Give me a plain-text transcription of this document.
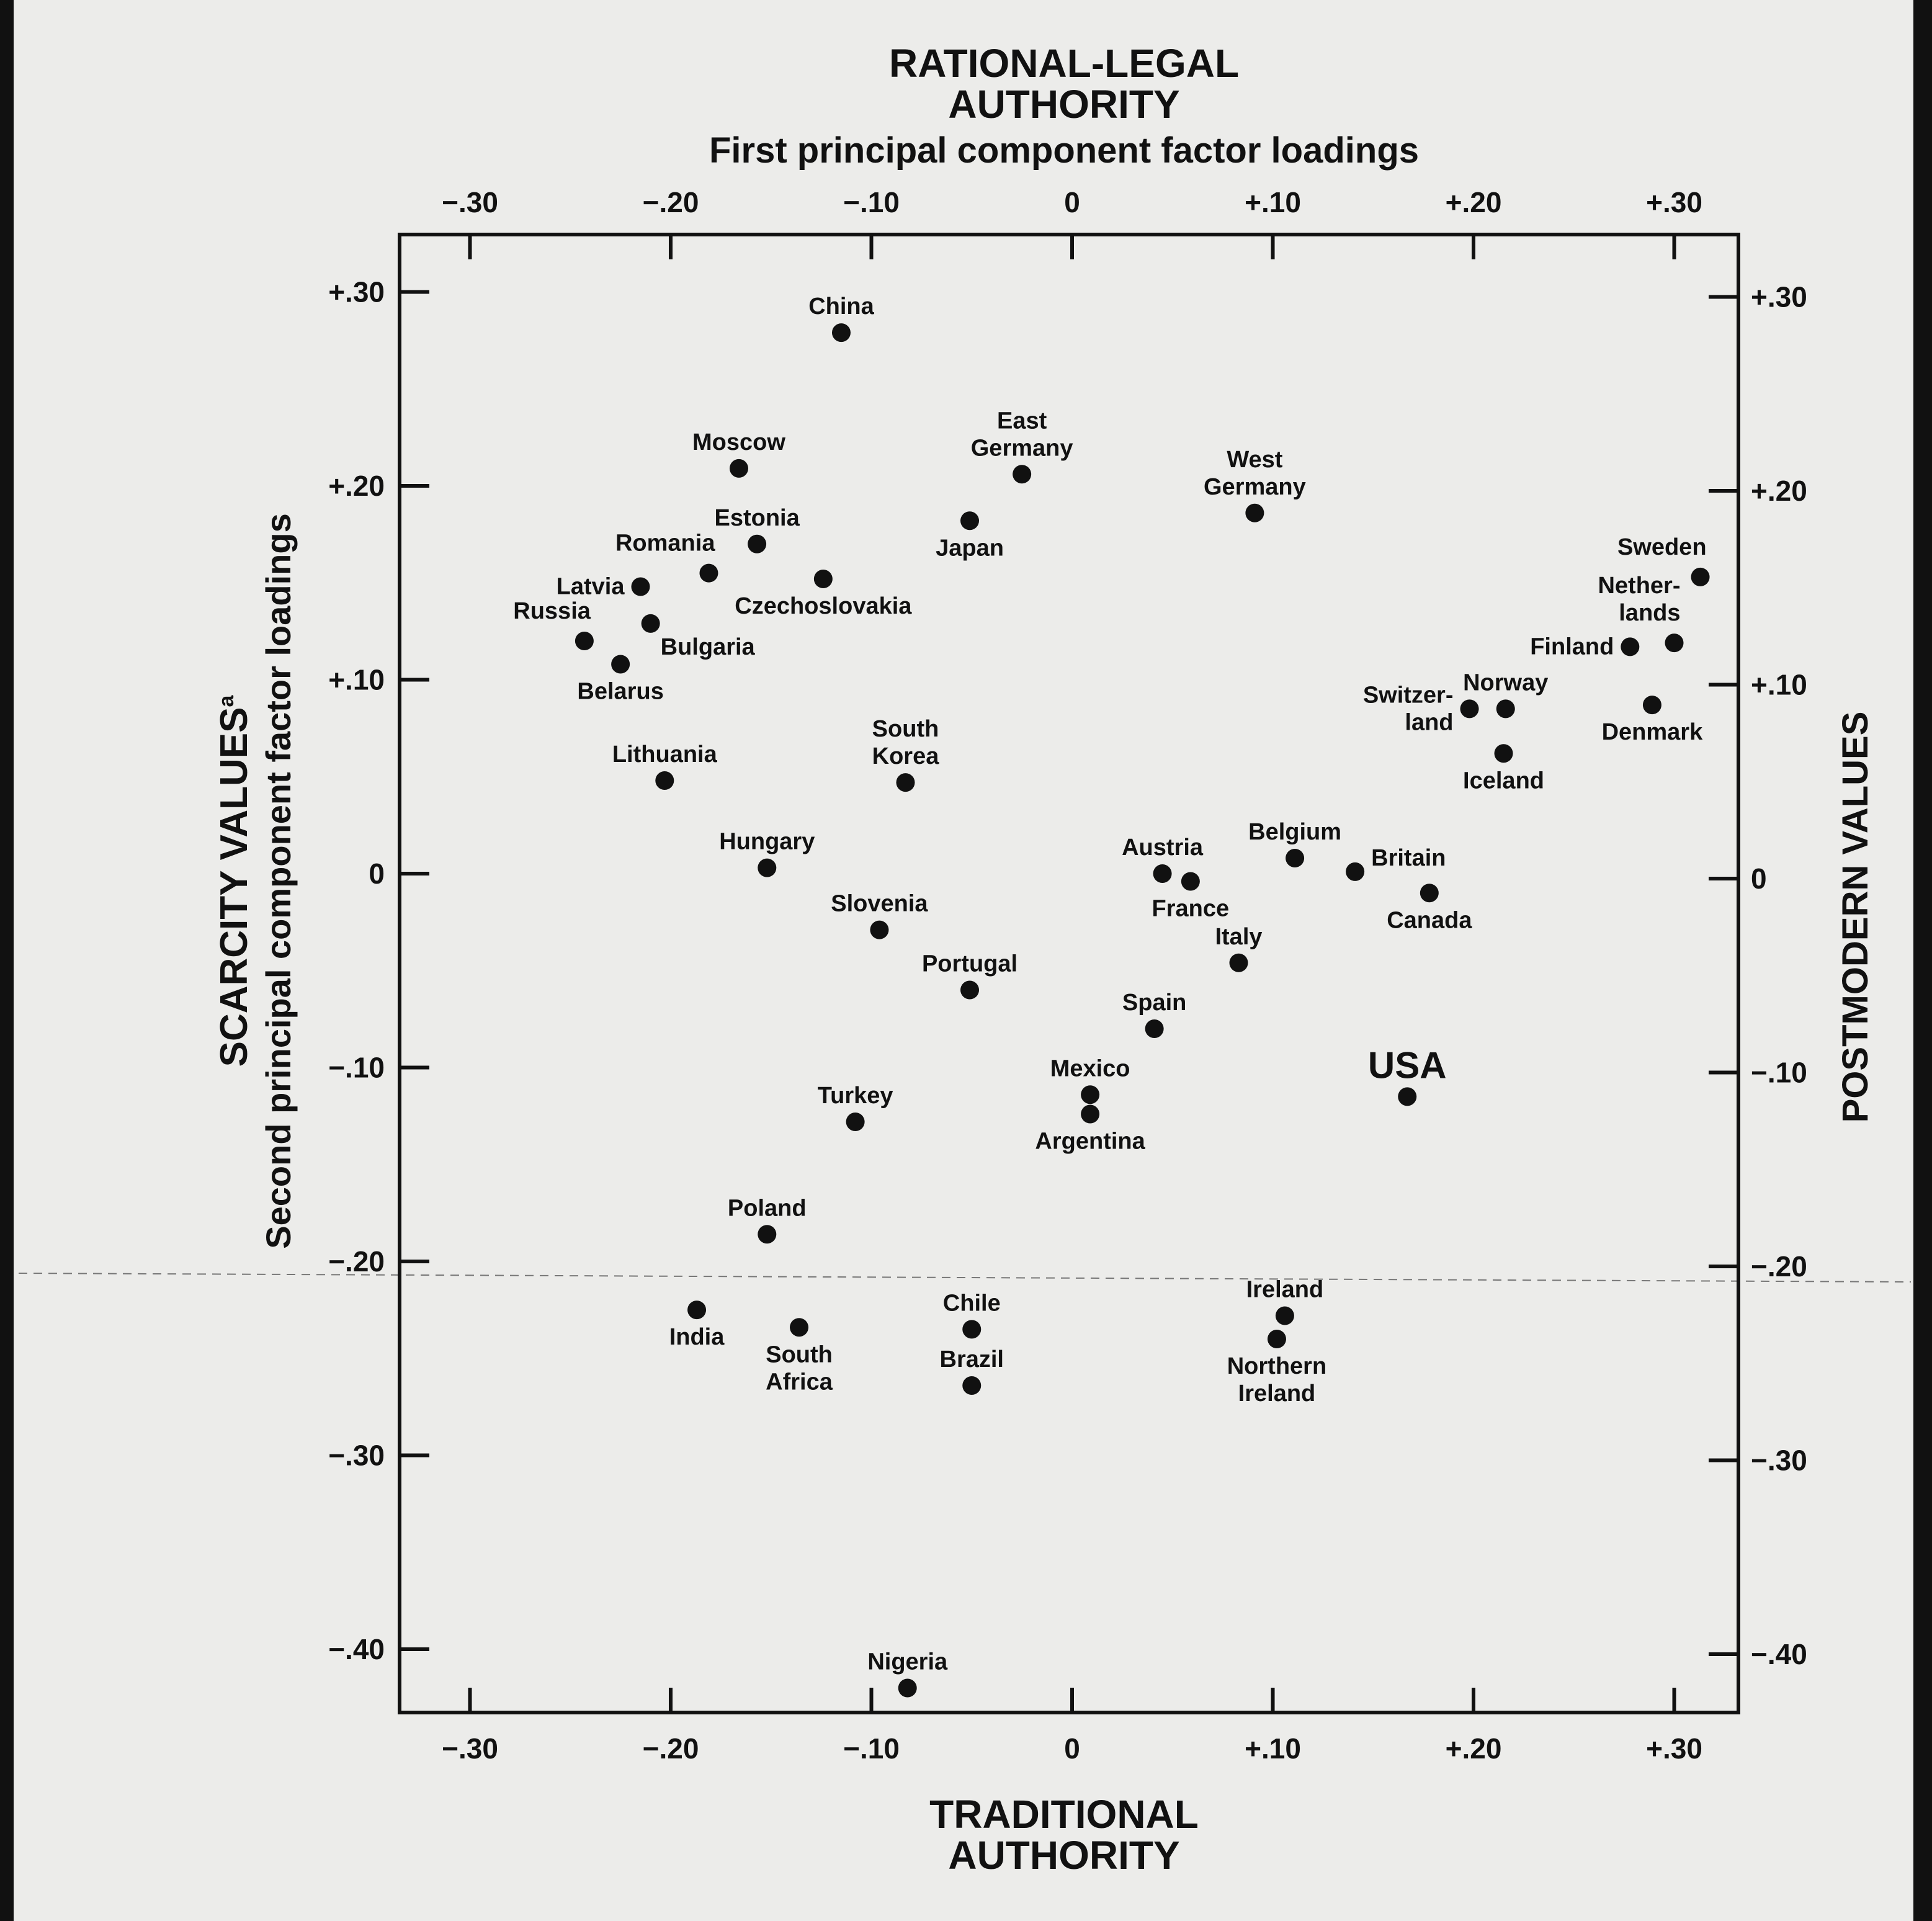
RATIONAL-LEGAL
AUTHORITY
First principal component factor loadings
TRADITIONAL
AUTHORITY
SCARCITY VALUES$^a$ Second principal component factor loadings	POSTMODERN VALUES
−.30
−.30
−.20
−.20
−.10
−.10
0
0
+.10
+.10
+.20
+.20
+.30
+.30
+.30
+.20
+.10
0
−.10
−.20
−.30
−.40
+.30
+.20
+.10
0
−.10
−.20
−.30
−.40
China
Moscow
East
Germany	West
Germany
Japan
Estonia
Romania
Czechoslovakia
Latvia
Bulgaria
Russia
Belarus
Lithuania
South
Korea
Hungary
Slovenia
Portugal
Turkey
Poland
India
South
Africa
Chile
Brazil
Nigeria
Austria
France
Belgium
Britain
Canada
Italy
Spain
Mexico
Argentina
USA
Ireland
Northern
Ireland
Sweden
Nether-
lands
Finland
Denmark
Switzer-
land
Norway
Iceland
